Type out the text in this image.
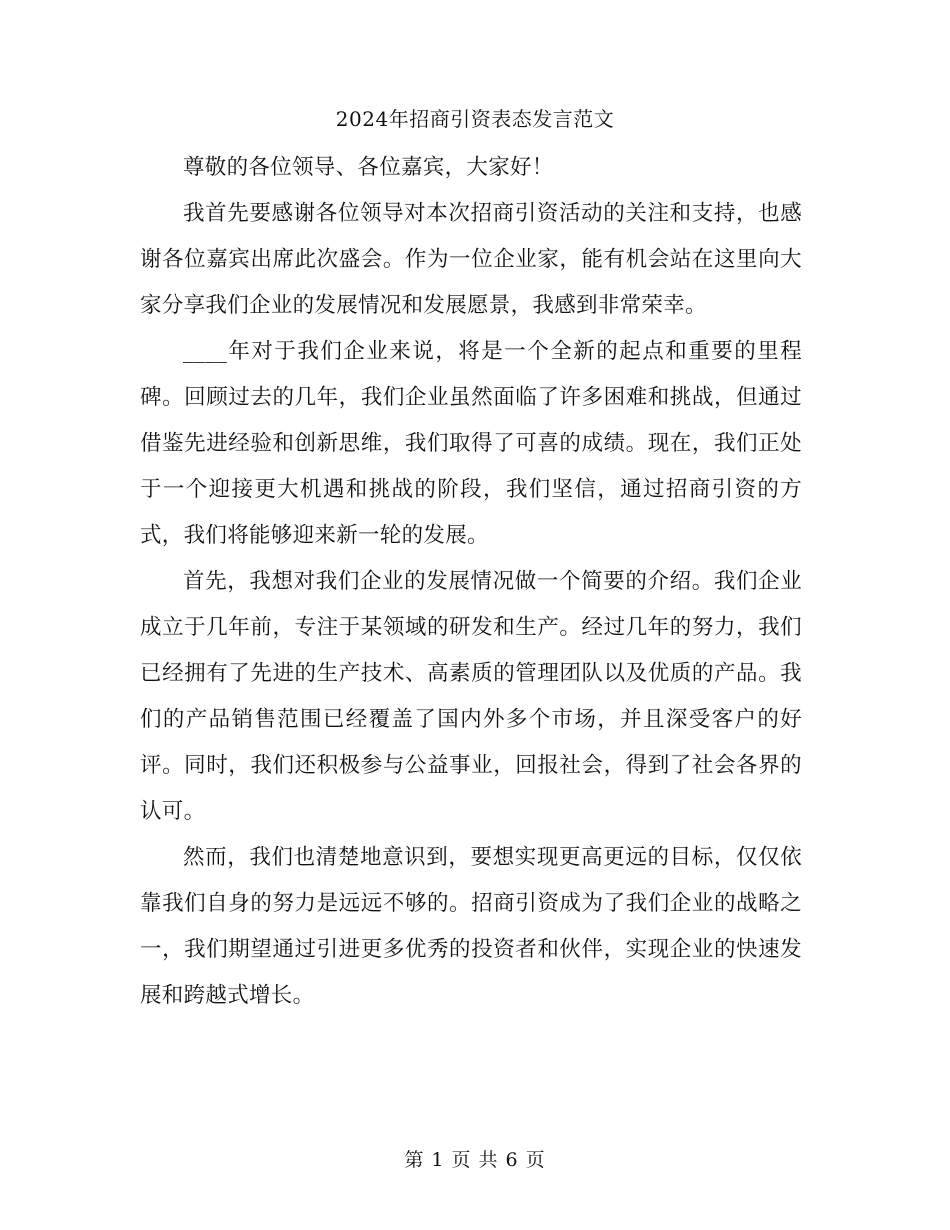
2024年招商引资表态发言范文

尊敬的各位领导、各位嘉宾，大家好！

我首先要感谢各位领导对本次招商引资活动的关注和支持，也感谢各位嘉宾出席此次盛会。作为一位企业家，能有机会站在这里向大家分享我们企业的发展情况和发展愿景，我感到非常荣幸。

____年对于我们企业来说，将是一个全新的起点和重要的里程碑。回顾过去的几年，我们企业虽然面临了许多困难和挑战，但通过借鉴先进经验和创新思维，我们取得了可喜的成绩。现在，我们正处于一个迎接更大机遇和挑战的阶段，我们坚信，通过招商引资的方式，我们将能够迎来新一轮的发展。

首先，我想对我们企业的发展情况做一个简要的介绍。我们企业成立于几年前，专注于某领域的研发和生产。经过几年的努力，我们已经拥有了先进的生产技术、高素质的管理团队以及优质的产品。我们的产品销售范围已经覆盖了国内外多个市场，并且深受客户的好评。同时，我们还积极参与公益事业，回报社会，得到了社会各界的认可。

然而，我们也清楚地意识到，要想实现更高更远的目标，仅仅依靠我们自身的努力是远远不够的。招商引资成为了我们企业的战略之一，我们期望通过引进更多优秀的投资者和伙伴，实现企业的快速发展和跨越式增长。

第 1 页 共 6 页
